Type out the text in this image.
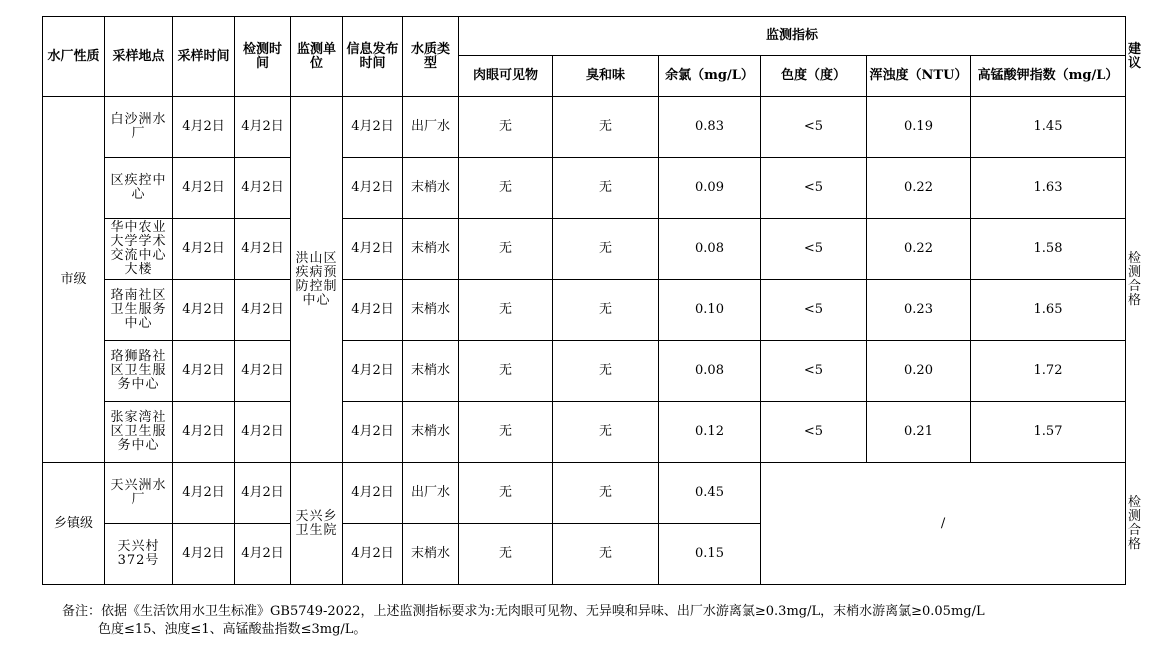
水厂性质	采样地点	采样时间	检测时间	监测单位	信息发布时间	水质类型	监测指标						建议
							肉眼可见物	臭和味	余氯（mg/L）	色度（度）	浑浊度（NTU）	高锰酸钾指数（mg/L）	
市级	白沙洲水厂	4月2日	4月2日	洪山区疾病预防控制中心	4月2日	出厂水	无	无	0.83	<5	0.19	1.45	检测合格
	区疾控中心	4月2日	4月2日		4月2日	末梢水	无	无	0.09	<5	0.22	1.63	
	华中农业大学学术交流中心大楼	4月2日	4月2日		4月2日	末梢水	无	无	0.08	<5	0.22	1.58	
	珞南社区卫生服务中心	4月2日	4月2日		4月2日	末梢水	无	无	0.10	<5	0.23	1.65	
	珞狮路社区卫生服务中心	4月2日	4月2日		4月2日	末梢水	无	无	0.08	<5	0.20	1.72	
	张家湾社区卫生服务中心	4月2日	4月2日		4月2日	末梢水	无	无	0.12	<5	0.21	1.57	
乡镇级	天兴洲水厂	4月2日	4月2日	天兴乡卫生院	4月2日	出厂水	无	无	0.45	/			检测合格
	天兴村372号	4月2日	4月2日		4月2日	末梢水	无	无	0.15				
备注：依据《生活饮用水卫生标准》GB5749-2022，上述监测指标要求为:无肉眼可见物、无异嗅和异味、出厂水游离氯≥0.3mg/L，末梢水游离氯≥0.05mg/L
色度≤15、浊度≤1、高锰酸盐指数≤3mg/L。
